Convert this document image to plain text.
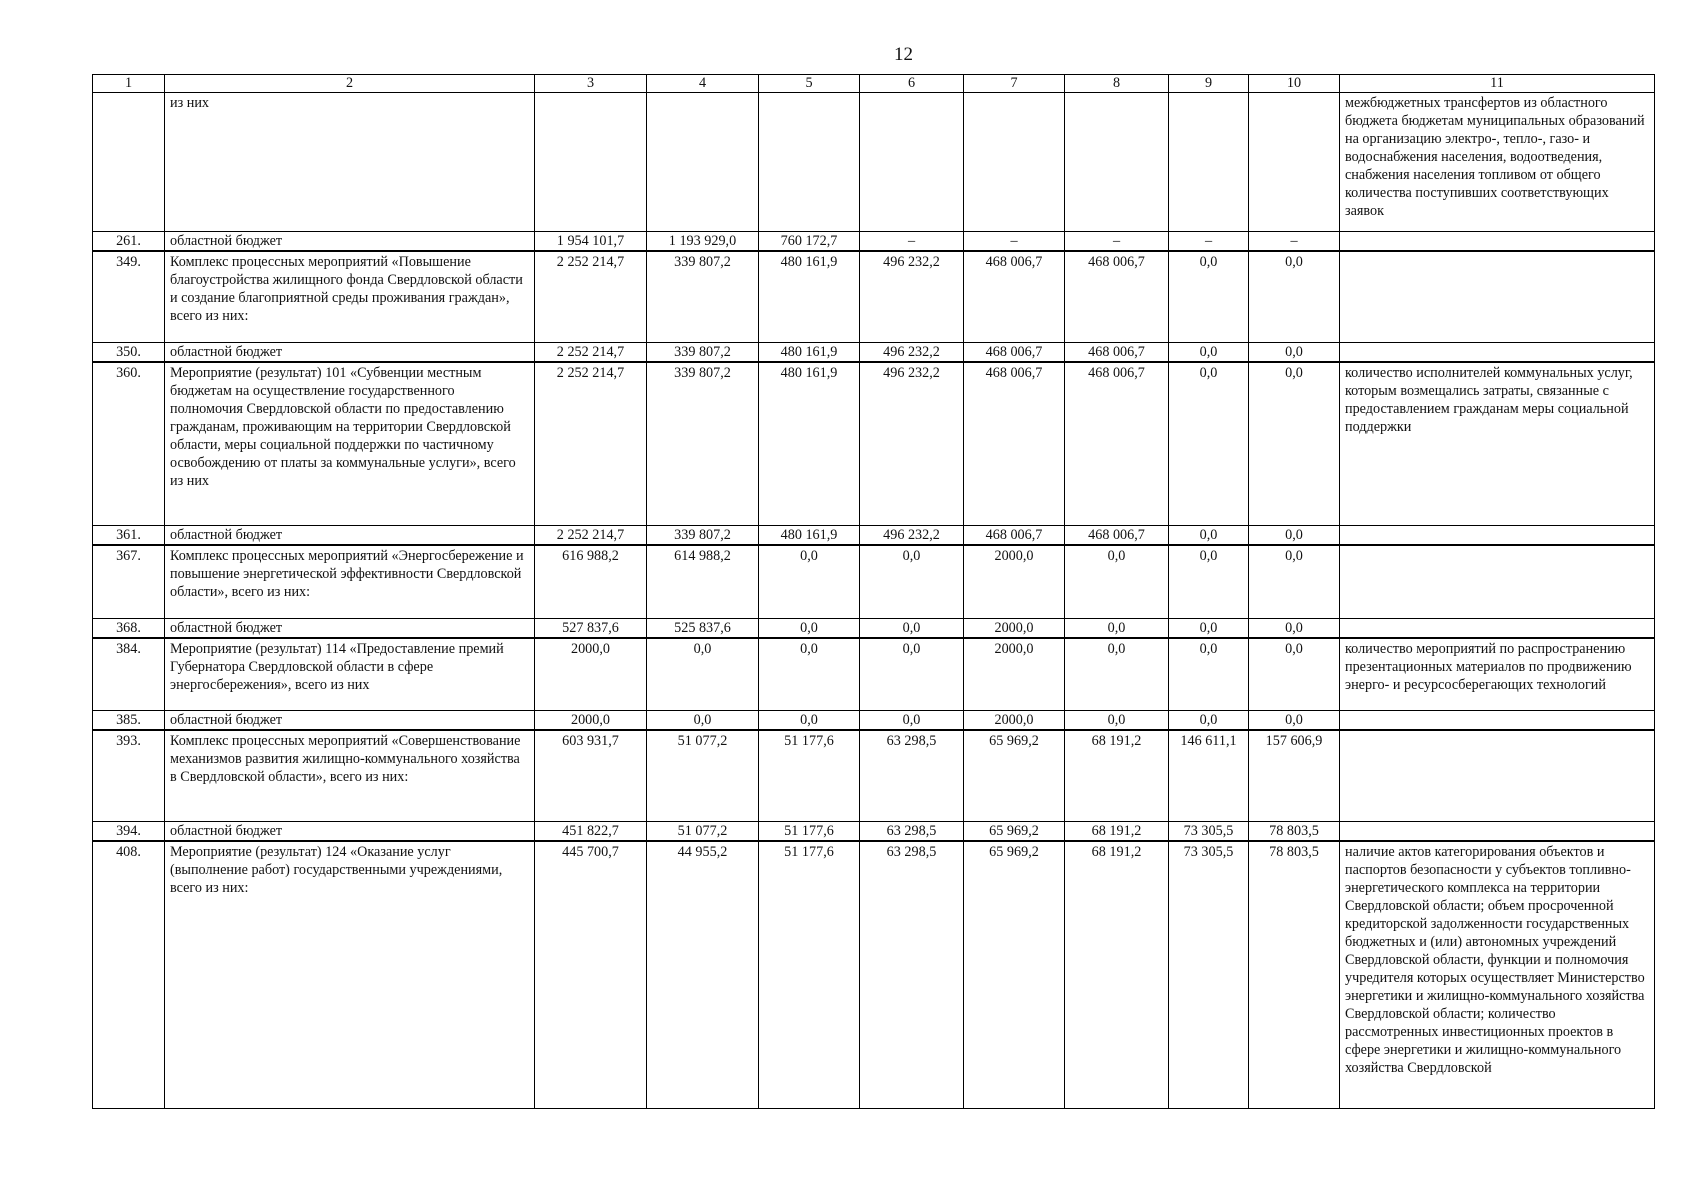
12
1	2	3	4	5	6	7	8	9	10	11
	из них									межбюджетных трансфертов из областного бюджета бюджетам муниципальных образований на организацию электро-, тепло-, газо- и водоснабжения населения, водоотведения, снабжения населения топливом от общего количества поступивших соответствующих заявок
261.	областной бюджет	1 954 101,7	1 193 929,0	760 172,7	–	–	–	–	–	
349.	Комплекс процессных мероприятий «Повышение благоустройства жилищного фонда Свердловской области и создание благоприятной среды проживания граждан», всего из них:	2 252 214,7	339 807,2	480 161,9	496 232,2	468 006,7	468 006,7	0,0	0,0	
350.	областной бюджет	2 252 214,7	339 807,2	480 161,9	496 232,2	468 006,7	468 006,7	0,0	0,0	
360.	Мероприятие (результат) 101 «Субвенции местным бюджетам на осуществление государственного полномочия Свердловской области по предоставлению гражданам, проживающим на территории Свердловской области, меры социальной поддержки по частичному освобождению от платы за коммунальные услуги», всего из них	2 252 214,7	339 807,2	480 161,9	496 232,2	468 006,7	468 006,7	0,0	0,0	количество исполнителей коммунальных услуг, которым возмещались затраты, связанные с предоставлением гражданам меры социальной поддержки
361.	областной бюджет	2 252 214,7	339 807,2	480 161,9	496 232,2	468 006,7	468 006,7	0,0	0,0	
367.	Комплекс процессных мероприятий «Энергосбережение и повышение энергетической эффективности Свердловской области», всего из них:	616 988,2	614 988,2	0,0	0,0	2000,0	0,0	0,0	0,0	
368.	областной бюджет	527 837,6	525 837,6	0,0	0,0	2000,0	0,0	0,0	0,0	
384.	Мероприятие (результат) 114 «Предоставление премий Губернатора Свердловской области в сфере энергосбережения», всего из них	2000,0	0,0	0,0	0,0	2000,0	0,0	0,0	0,0	количество мероприятий по распространению презентационных материалов по продвижению энерго- и ресурсосберегающих технологий
385.	областной бюджет	2000,0	0,0	0,0	0,0	2000,0	0,0	0,0	0,0	
393.	Комплекс процессных мероприятий «Совершенствование механизмов развития жилищно-коммунального хозяйства в Свердловской области», всего из них:	603 931,7	51 077,2	51 177,6	63 298,5	65 969,2	68 191,2	146 611,1	157 606,9	
394.	областной бюджет	451 822,7	51 077,2	51 177,6	63 298,5	65 969,2	68 191,2	73 305,5	78 803,5	
408.	Мероприятие (результат) 124 «Оказание услуг (выполнение работ) государственными учреждениями, всего из них:	445 700,7	44 955,2	51 177,6	63 298,5	65 969,2	68 191,2	73 305,5	78 803,5	наличие актов категорирования объектов и паспортов безопасности у субъектов топливно-энергетического комплекса на территории Свердловской области; объем просроченной кредиторской задолженности государственных бюджетных и (или) автономных учреждений Свердловской области, функции и полномочия учредителя которых осуществляет Министерство энергетики и жилищно-коммунального хозяйства Свердловской области; количество рассмотренных инвестиционных проектов в сфере энергетики и жилищно-коммунального хозяйства Свердловской
